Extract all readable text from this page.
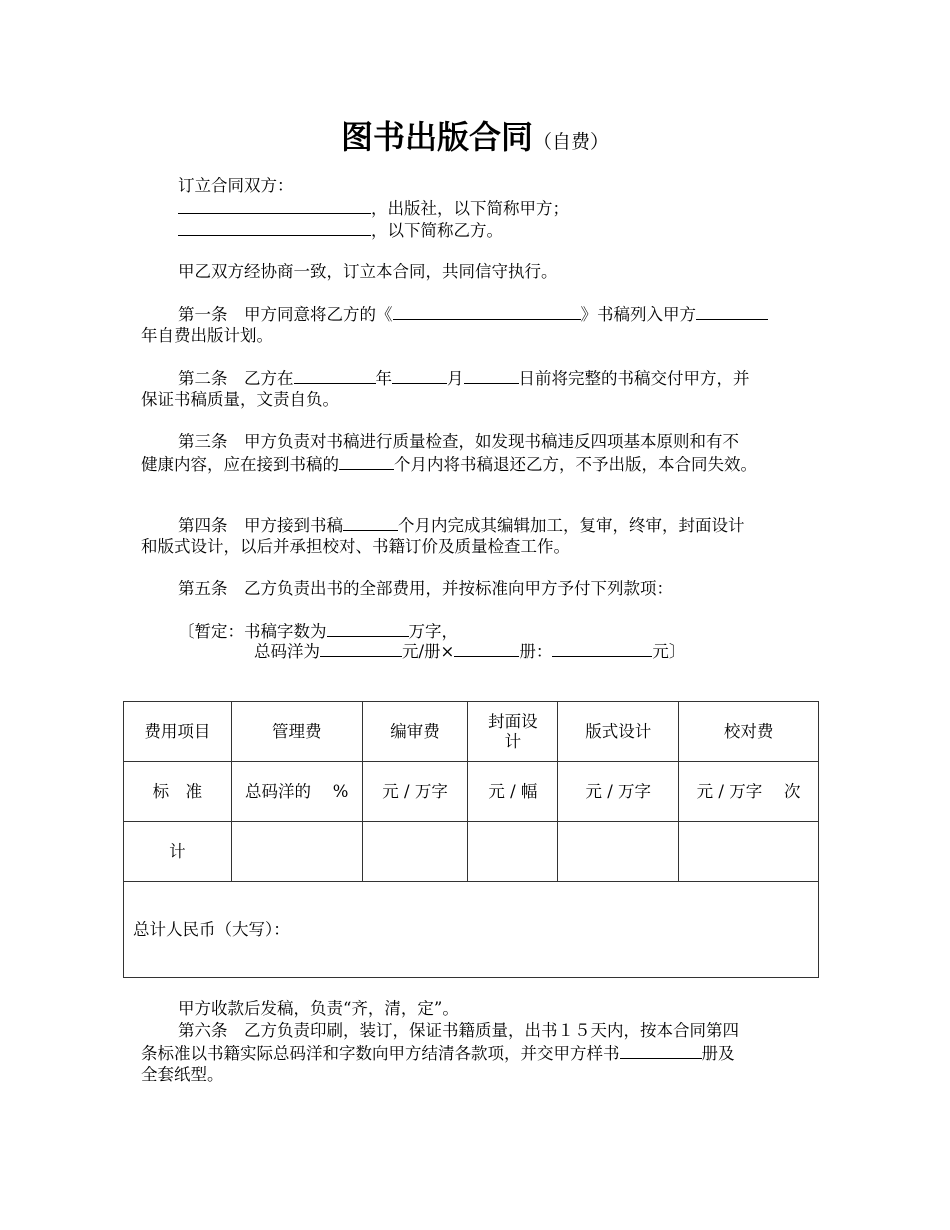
图书出版合同（自费）
订立合同双方：
，出版社，以下简称甲方；
，以下简称乙方。
甲乙双方经协商一致，订立本合同，共同信守执行。
第一条　 甲方同意将乙方的《	》书稿列入甲方
年自费出版计划。
第二条　 乙方在	年	月	日前将完整的书稿交付甲方，并
保证书稿质量，文责自负。
第三条　 甲方负责对书稿进行质量检查，如发现书稿违反四项基本原则和有不
健康内容，应在接到书稿的	个月内将书稿退还乙方，不予出版，本合同失效。
第四条　 甲方接到书稿	个月内完成其编辑加工，复审，终审，封面设计
和版式设计，以后并承担校对、书籍订价及质量检查工作。
第五条　 乙方负责出书的全部费用，并按标准向甲方予付下列款项：
〔暂定：书稿字数为	万字，
总码洋为	元/册×	册：	元〕
费用项目	管理费	编审费	封面设计	版式设计	校对费
标　准	总码洋的　 %	元 / 万字	元 / 幅	元 / 万字	元 / 万字　 次
计					
总计人民币（大写）：					
甲方收款后发稿，负责“齐，清，定”。
第六条　 乙方负责印刷，装订，保证书籍质量，出书１５天内，按本合同第四
条标准以书籍实际总码洋和字数向甲方结清各款项，并交甲方样书	册及
全套纸型。
